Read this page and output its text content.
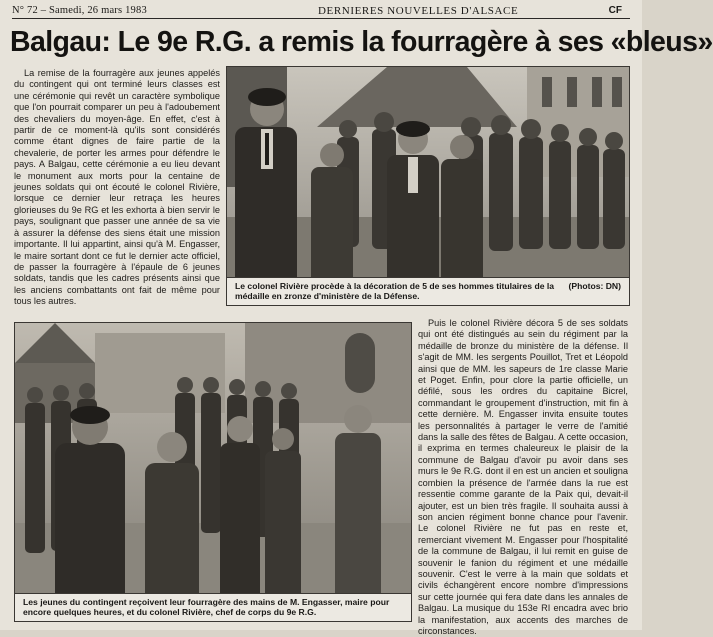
N° 72 – Samedi, 26 mars 1983	DERNIERES NOUVELLES D'ALSACE	CF
Balgau: Le 9e R.G. a remis la fourragère à ses «bleus»

La remise de la fourragère aux jeunes appelés du contingent qui ont terminé leurs classes est une cérémonie qui revêt un caractère symbolique que l'on pourrait comparer un peu à l'adoubement des chevaliers du moyen-âge. En effet, c'est à partir de ce moment-là qu'ils sont considérés comme étant dignes de faire partie de la chevalerie, de porter les armes pour défendre le pays. A Balgau, cette cérémonie a eu lieu devant le monument aux morts pour la centaine de jeunes soldats qui ont écouté le colonel Rivière, lorsque ce dernier leur retraça les heures glorieuses du 9e RG et les exhorta à bien servir le pays, soulignant que passer une année de sa vie à assurer la défense des siens était une mission importante. Il lui appartint, ainsi qu'à M. Engasser, le maire sortant dont ce fut le dernier acte officiel, de passer la fourragère à l'épaule de 6 jeunes soldats, tandis que les cadres présents ainsi que les anciens combattants ont fait de même pour tous les autres.

(Photos: DN)
Le colonel Rivière procède à la décoration de 5 de ses hommes titulaires de la médaille en zronze d'ministère de la Défense.
Les jeunes du contingent reçoivent leur fourragère des mains de M. Engasser, maire pour encore quelques heures, et du colonel Rivière, chef de corps du 9e R.G.

Puis le colonel Rivière décora 5 de ses soldats qui ont été distingués au sein du régiment par la médaille de bronze du ministère de la défense. Il s'agit de MM. les sergents Pouillot, Tret et Léopold ainsi que de MM. les sapeurs de 1re classe Marie et Poget. Enfin, pour clore la partie officielle, un défilé, sous les ordres du capitaine Bicrel, commandant le groupement d'instruction, mit fin à cette dernière. M. Engasser invita ensuite toutes les personnalités à partager le verre de l'amitié dans la salle des fêtes de Balgau. A cette occasion, il exprima en termes chaleureux le plaisir de la commune de Balgau d'avoir pu avoir dans ses murs le 9e R.G. dont il en est un ancien et souligna combien la présence de l'armée dans la rue est ressentie comme garante de la Paix qui, devait-il ajouter, est un bien très fragile. Il souhaita aussi à son ancien régiment bonne chance pour l'avenir. Le colonel Rivière ne fut pas en reste et, remerciant vivement M. Engasser pour l'hospitalité de la commune de Balgau, il lui remit en guise de souvenir le fanion du régiment et une médaille souvenir. C'est le verre à la main que soldats et civils échangèrent encore nombre d'impressions sur cette journée qui fera date dans les annales de Balgau. La musique du 153e RI encadra avec brio la manifestation, aux accents des marches de circonstances.
